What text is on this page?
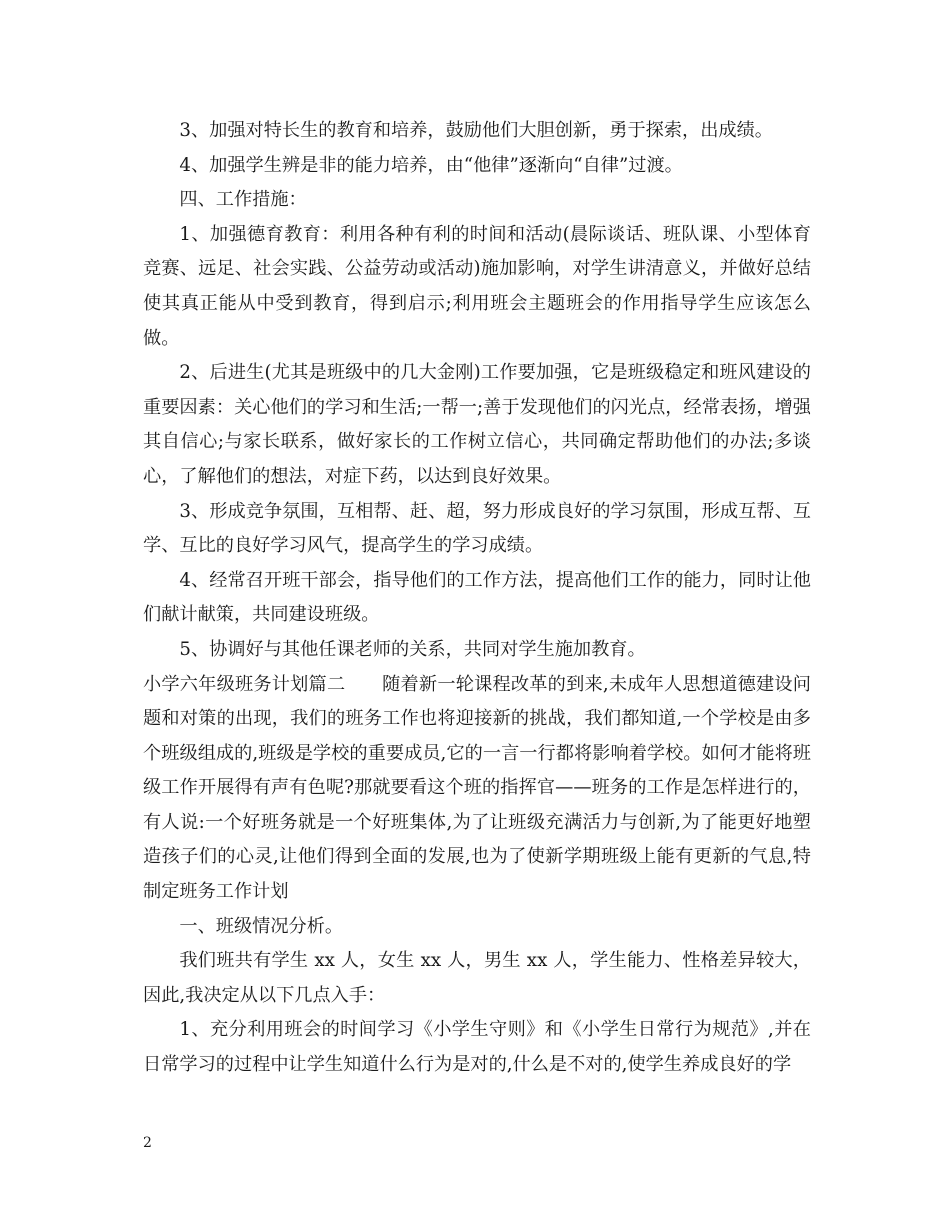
3、加强对特长生的教育和培养，鼓励他们大胆创新，勇于探索，出成绩。

4、加强学生辨是非的能力培养，由“他律”逐渐向“自律”过渡。

四、工作措施：

1、加强德育教育：利用各种有利的时间和活动(晨际谈话、班队课、小型体育竞赛、远足、社会实践、公益劳动或活动)施加影响，对学生讲清意义，并做好总结使其真正能从中受到教育，得到启示;利用班会主题班会的作用指导学生应该怎么做。

2、后进生(尤其是班级中的几大金刚)工作要加强，它是班级稳定和班风建设的重要因素：关心他们的学习和生活;一帮一;善于发现他们的闪光点，经常表扬，增强其自信心;与家长联系，做好家长的工作树立信心，共同确定帮助他们的办法;多谈心，了解他们的想法，对症下药，以达到良好效果。

3、形成竞争氛围，互相帮、赶、超，努力形成良好的学习氛围，形成互帮、互学、互比的良好学习风气，提高学生的学习成绩。

4、经常召开班干部会，指导他们的工作方法，提高他们工作的能力，同时让他们献计献策，共同建设班级。

5、协调好与其他任课老师的关系，共同对学生施加教育。

小学六年级班务计划篇二　　随着新一轮课程改革的到来,未成年人思想道德建设问题和对策的出现，我们的班务工作也将迎接新的挑战，我们都知道,一个学校是由多个班级组成的,班级是学校的重要成员,它的一言一行都将影响着学校。如何才能将班级工作开展得有声有色呢?那就要看这个班的指挥官——班务的工作是怎样进行的，有人说:一个好班务就是一个好班集体,为了让班级充满活力与创新,为了能更好地塑造孩子们的心灵,让他们得到全面的发展,也为了使新学期班级上能有更新的气息,特制定班务工作计划

一、班级情况分析。

我们班共有学生 xx 人，女生 xx 人，男生 xx 人，学生能力、性格差异较大，因此,我决定从以下几点入手：

1、充分利用班会的时间学习《小学生守则》和《小学生日常行为规范》,并在日常学习的过程中让学生知道什么行为是对的,什么是不对的,使学生养成良好的学

2
